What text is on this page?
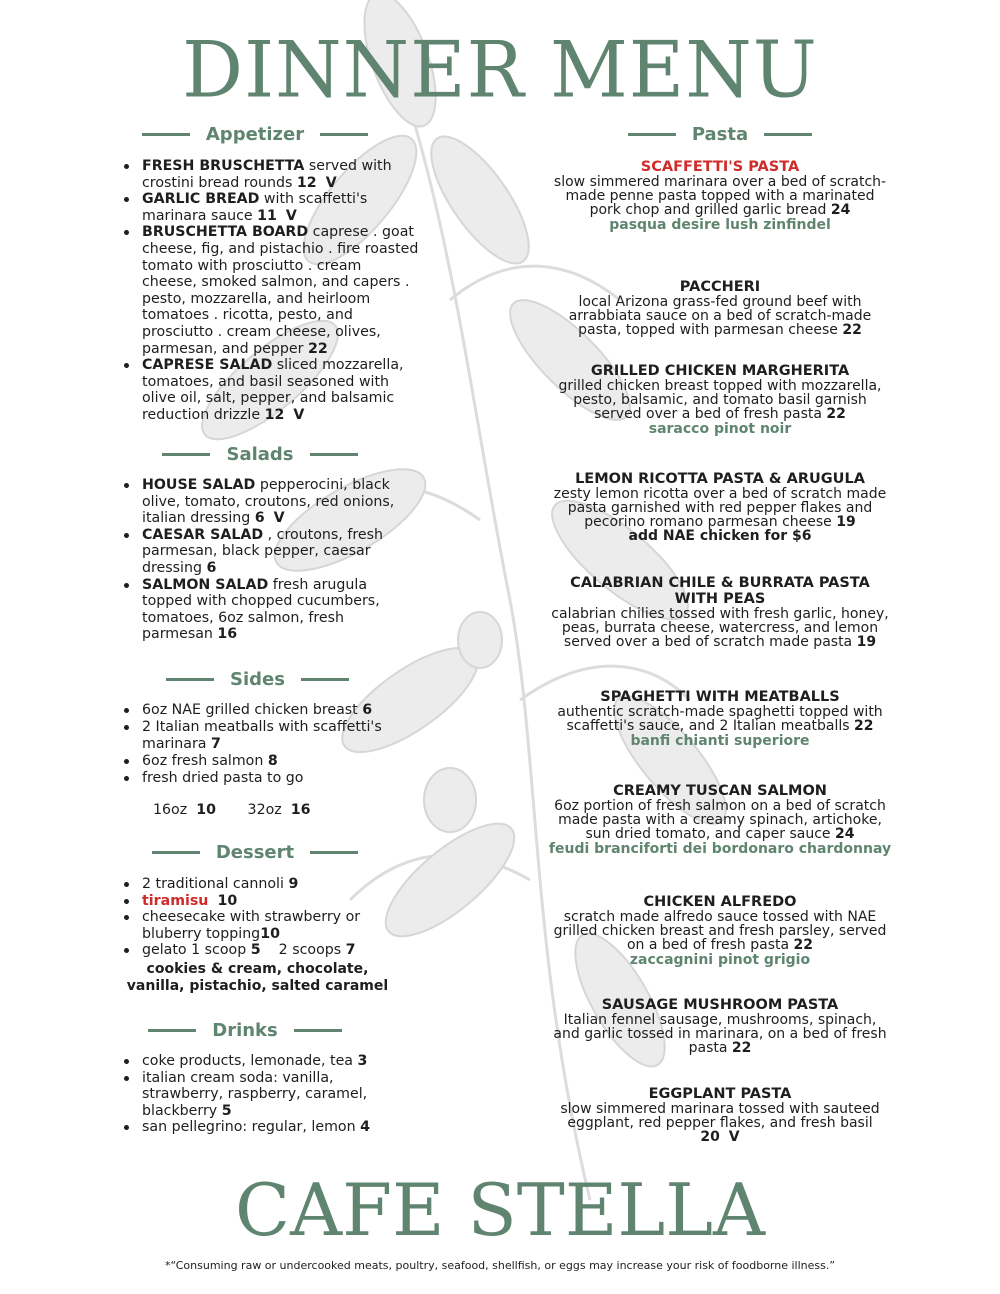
DINNER MENU
Appetizer
FRESH BRUSCHETTA served with crostini bread rounds 12 V
GARLIC BREAD with scaffetti's marinara sauce 11 V
BRUSCHETTA BOARD caprese . goat cheese, fig, and pistachio . fire roasted tomato with prosciutto . cream cheese, smoked salmon, and capers . pesto, mozzarella, and heirloom tomatoes . ricotta, pesto, and prosciutto . cream cheese, olives, parmesan, and pepper 22
CAPRESE SALAD sliced mozzarella, tomatoes, and basil seasoned with olive oil, salt, pepper, and balsamic reduction drizzle 12 V
Salads
HOUSE SALAD pepperocini, black olive, tomato, croutons, red onions, italian dressing 6 V
CAESAR SALAD , croutons, fresh parmesan, black pepper, caesar dressing 6
SALMON SALAD fresh arugula topped with chopped cucumbers, tomatoes, 6oz salmon, fresh parmesan 16
Sides
6oz NAE grilled chicken breast 6
2 Italian meatballs with scaffetti's marinara 7
6oz fresh salmon 8
fresh dried pasta to go
16oz 10 32oz 16
Dessert
2 traditional cannoli 9
tiramisu 10
cheesecake with strawberry or bluberry topping10
gelato 1 scoop 5 2 scoops 7
cookies & cream, chocolate, vanilla, pistachio, salted caramel
Drinks
coke products, lemonade, tea 3
italian cream soda: vanilla, strawberry, raspberry, caramel, blackberry 5
san pellegrino: regular, lemon 4
Pasta
SCAFFETTI'S PASTA
slow simmered marinara over a bed of scratch-made penne pasta topped with a marinated pork chop and grilled garlic bread 24
pasqua desire lush zinfindel
PACCHERI
local Arizona grass-fed ground beef with arrabbiata sauce on a bed of scratch-made pasta, topped with parmesan cheese 22
GRILLED CHICKEN MARGHERITA
grilled chicken breast topped with mozzarella, pesto, balsamic, and tomato basil garnish served over a bed of fresh pasta 22
saracco pinot noir
LEMON RICOTTA PASTA & ARUGULA
zesty lemon ricotta over a bed of scratch made pasta garnished with red pepper flakes and pecorino romano parmesan cheese 19
add NAE chicken for $6
CALABRIAN CHILE & BURRATA PASTA WITH PEAS
calabrian chilies tossed with fresh garlic, honey, peas, burrata cheese, watercress, and lemon served over a bed of scratch made pasta 19
SPAGHETTI WITH MEATBALLS
authentic scratch-made spaghetti topped with scaffetti's sauce, and 2 Italian meatballs 22
banfi chianti superiore
CREAMY TUSCAN SALMON
6oz portion of fresh salmon on a bed of scratch made pasta with a creamy spinach, artichoke, sun dried tomato, and caper sauce 24
feudi branciforti dei bordonaro chardonnay
CHICKEN ALFREDO
scratch made alfredo sauce tossed with NAE grilled chicken breast and fresh parsley, served on a bed of fresh pasta 22
zaccagnini pinot grigio
SAUSAGE MUSHROOM PASTA
Italian fennel sausage, mushrooms, spinach, and garlic tossed in marinara, on a bed of fresh pasta 22
EGGPLANT PASTA
slow simmered marinara tossed with sauteed eggplant, red pepper flakes, and fresh basil 20 V
CAFE STELLA
*“Consuming raw or undercooked meats, poultry, seafood, shellfish, or eggs may increase your risk of foodborne illness.”
